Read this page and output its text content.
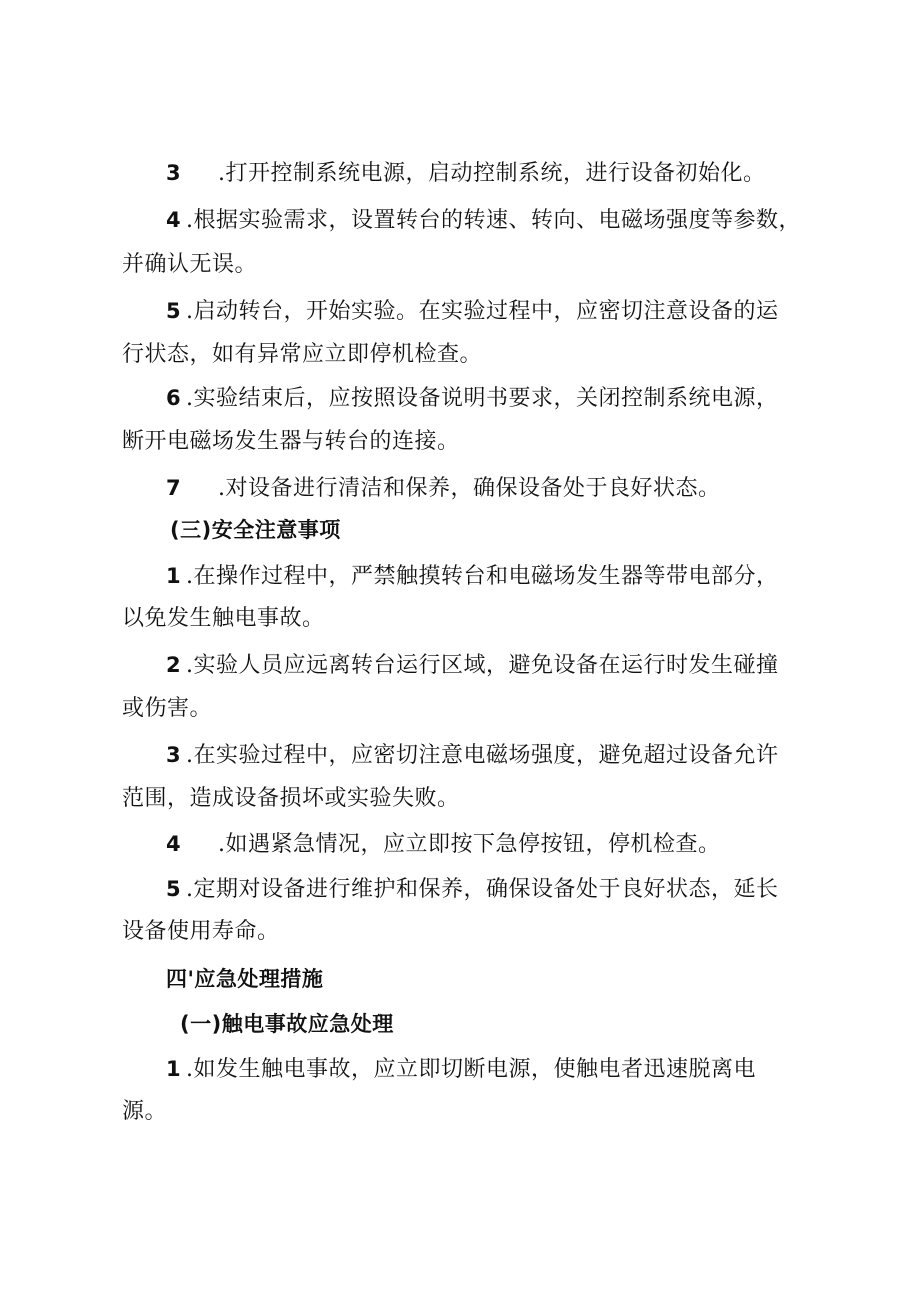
3 .打开控制系统电源，启动控制系统，进行设备初始化。
4 .根据实验需求，设置转台的转速、转向、电磁场强度等参数，
并确认无误。
5 .启动转台，开始实验。在实验过程中，应密切注意设备的运
行状态，如有异常应立即停机检查。
6 .实验结束后，应按照设备说明书要求，关闭控制系统电源，
断开电磁场发生器与转台的连接。
7 .对设备进行清洁和保养，确保设备处于良好状态。
(三)安全注意事项
1 .在操作过程中，严禁触摸转台和电磁场发生器等带电部分，
以免发生触电事故。
2 .实验人员应远离转台运行区域，避免设备在运行时发生碰撞
或伤害。
3 .在实验过程中，应密切注意电磁场强度，避免超过设备允许
范围，造成设备损坏或实验失败。
4 .如遇紧急情况，应立即按下急停按钮，停机检查。
5 .定期对设备进行维护和保养，确保设备处于良好状态，延长
设备使用寿命。
四'应急处理措施
(一)触电事故应急处理
1 .如发生触电事故，应立即切断电源，使触电者迅速脱离电
源。
